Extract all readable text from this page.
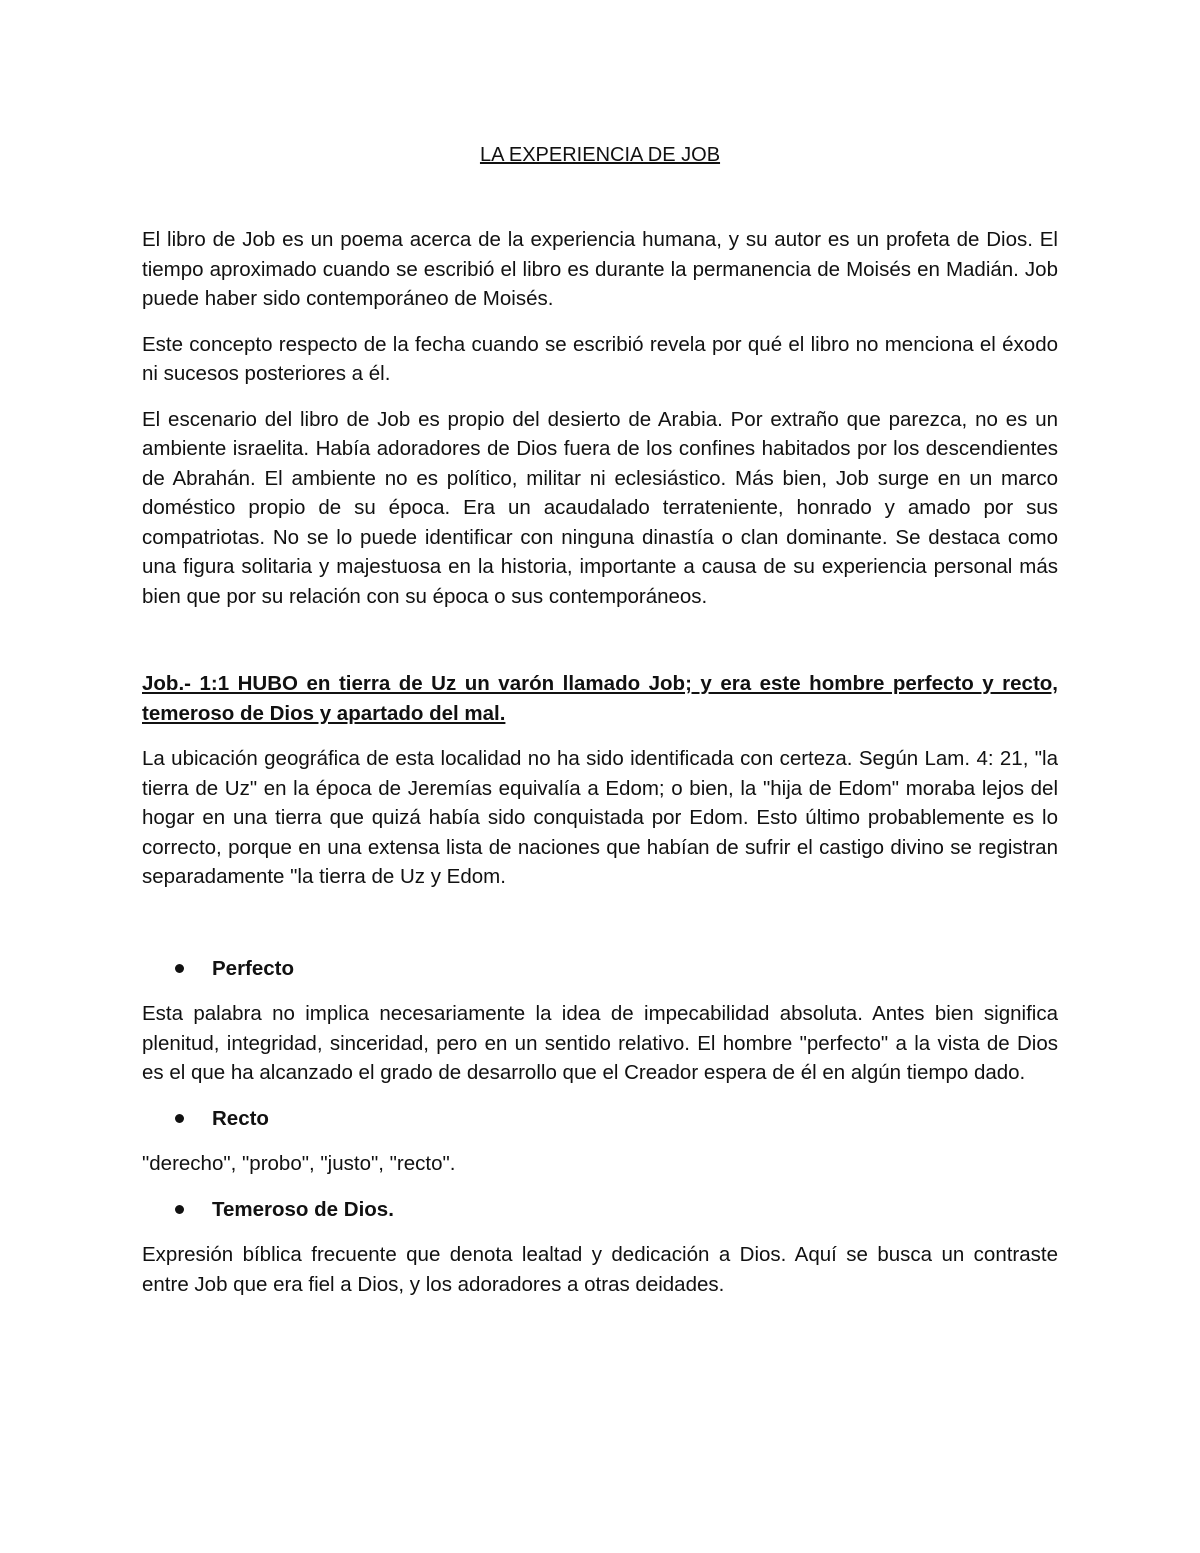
LA EXPERIENCIA DE JOB

El libro de Job es un poema acerca de la experiencia humana, y su autor es un profeta de Dios. El tiempo aproximado cuando se escribió el libro es durante la permanencia de Moisés en Madián. Job puede haber sido contemporáneo de Moisés.

Este concepto respecto de la fecha cuando se escribió revela por qué el libro no menciona el éxodo ni sucesos posteriores a él.

El escenario del libro de Job es propio del desierto de Arabia. Por extraño que parezca, no es un ambiente israelita. Había adoradores de Dios fuera de los confines habitados por los descendientes de Abrahán. El ambiente no es político, militar ni eclesiástico. Más bien, Job surge en un marco doméstico propio de su época. Era un acaudalado terrateniente, honrado y amado por sus compatriotas. No se lo puede identificar con ninguna dinastía o clan dominante. Se destaca como una figura solitaria y majestuosa en la historia, importante a causa de su experiencia personal más bien que por su relación con su época o sus contemporáneos.

Job.- 1:1 HUBO en tierra de Uz un varón llamado Job; y era este hombre perfecto y recto, temeroso de Dios y apartado del mal.

La ubicación geográfica de esta localidad no ha sido identificada con certeza. Según Lam. 4: 21, "la tierra de Uz" en la época de Jeremías equivalía a Edom; o bien, la "hija de Edom" moraba lejos del hogar en una tierra que quizá había sido conquistada por Edom. Esto último probablemente es lo correcto, porque en una extensa lista de naciones que habían de sufrir el castigo divino se registran separadamente "la tierra de Uz y Edom.

Perfecto

Esta palabra no implica necesariamente la idea de impecabilidad absoluta. Antes bien significa plenitud, integridad, sinceridad, pero en un sentido relativo. El hombre "perfecto" a la vista de Dios es el que ha alcanzado el grado de desarrollo que el Creador espera de él en algún tiempo dado.

Recto

"derecho", "probo", "justo", "recto".

Temeroso de Dios.

Expresión bíblica frecuente que denota lealtad y dedicación a Dios. Aquí se busca un contraste entre Job que era fiel a Dios, y los adoradores a otras deidades.
